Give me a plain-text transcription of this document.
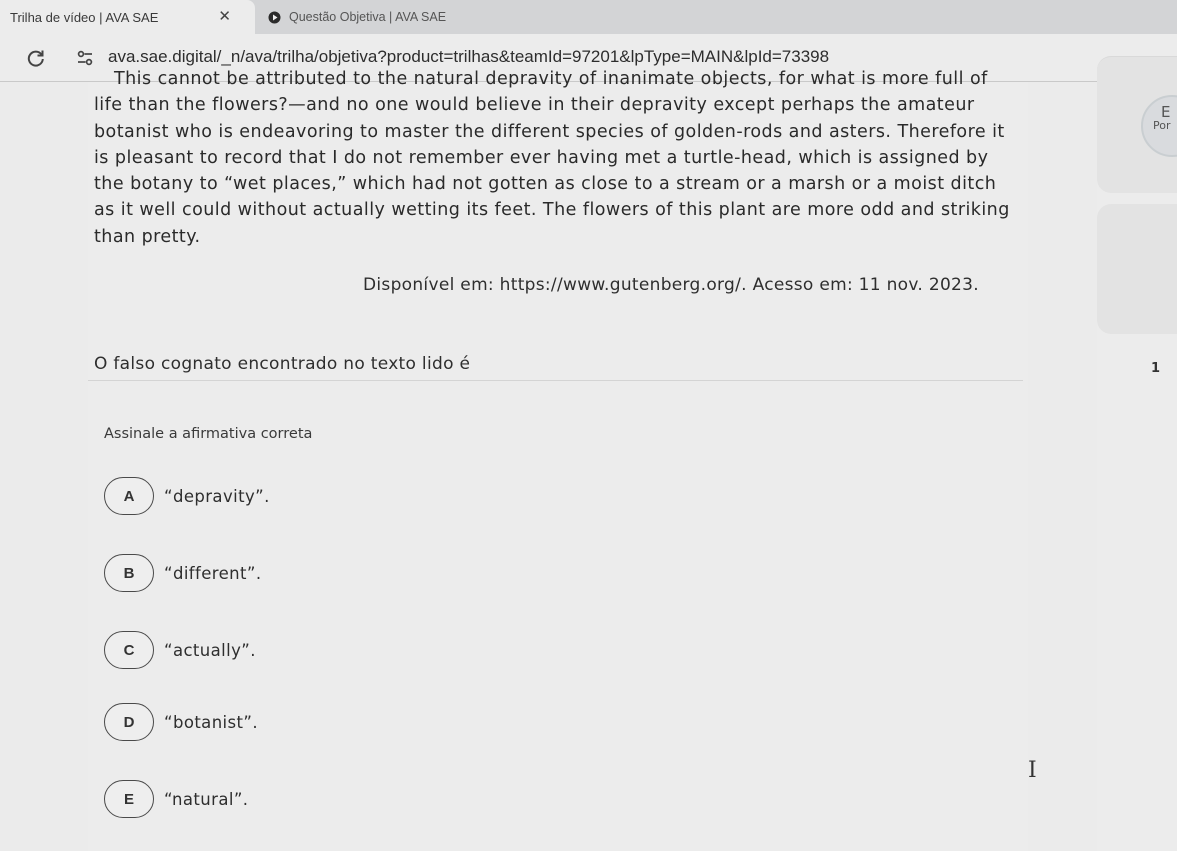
Trilha de vídeo | AVA SAE	✕	Questão Objetiva | AVA SAE
ava.sae.digital/_n/ava/trilha/objetiva?product=trilhas&teamId=97201&lpType=MAIN&lpId=73398
This cannot be attributed to the natural depravity of inanimate objects, for what is more full of
life than the flowers?—and no one would believe in their depravity except perhaps the amateur
botanist who is endeavoring to master the different species of golden-rods and asters. Therefore it
is pleasant to record that I do not remember ever having met a turtle-head, which is assigned by
the botany to “wet places,” which had not gotten as close to a stream or a marsh or a moist ditch
as it well could without actually wetting its feet. The flowers of this plant are more odd and striking
than pretty.
Disponível em: https://www.gutenberg.org/. Acesso em: 11 nov. 2023.
O falso cognato encontrado no texto lido é
Assinale a afirmativa correta
A	“depravity”.
B	“different”.
C	“actually”.
D	“botanist”.
E	“natural”.
E
Por
1
I
